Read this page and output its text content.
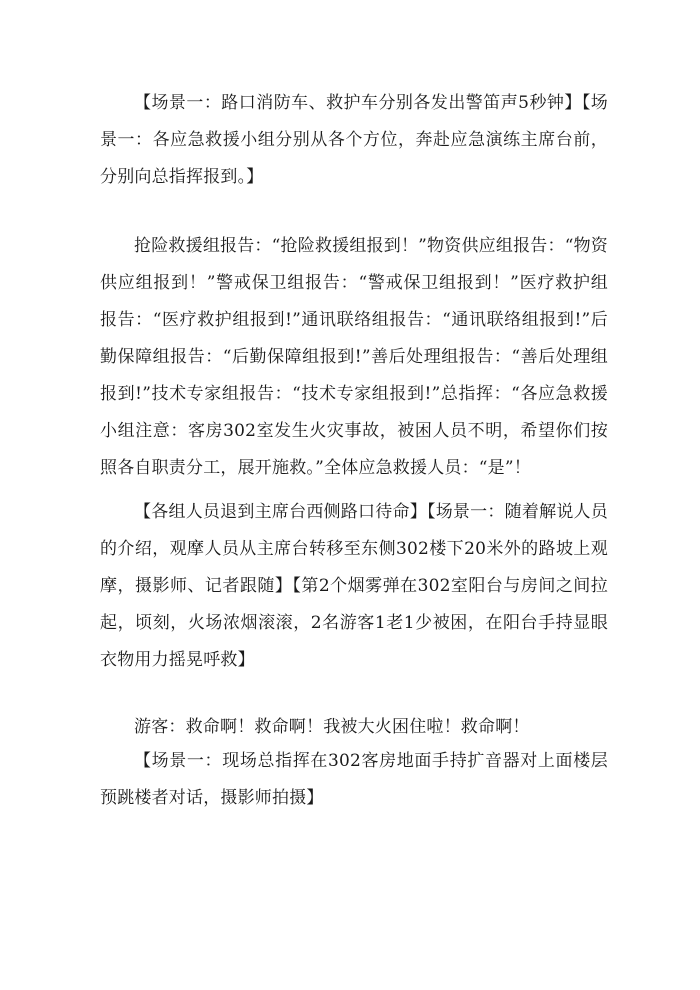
【场景一：路口消防车、救护车分别各发出警笛声5秒钟】【场景一：各应急救援小组分别从各个方位，奔赴应急演练主席台前，分别向总指挥报到。】

抢险救援组报告：“抢险救援组报到！”物资供应组报告：“物资供应组报到！”警戒保卫组报告：“警戒保卫组报到！”医疗救护组报告：“医疗救护组报到!”通讯联络组报告：“通讯联络组报到!”后勤保障组报告：“后勤保障组报到!”善后处理组报告：“善后处理组报到!”技术专家组报告：“技术专家组报到!”总指挥：“各应急救援小组注意：客房302室发生火灾事故，被困人员不明，希望你们按照各自职责分工，展开施救。”全体应急救援人员：“是”！

【各组人员退到主席台西侧路口待命】【场景一：随着解说人员的介绍，观摩人员从主席台转移至东侧302楼下20米外的路坡上观摩，摄影师、记者跟随】【第2个烟雾弹在302室阳台与房间之间拉起，顷刻，火场浓烟滚滚，2名游客1老1少被困，在阳台手持显眼衣物用力摇晃呼救】

游客：救命啊！救命啊！我被大火困住啦！救命啊！

【场景一：现场总指挥在302客房地面手持扩音器对上面楼层预跳楼者对话，摄影师拍摄】
